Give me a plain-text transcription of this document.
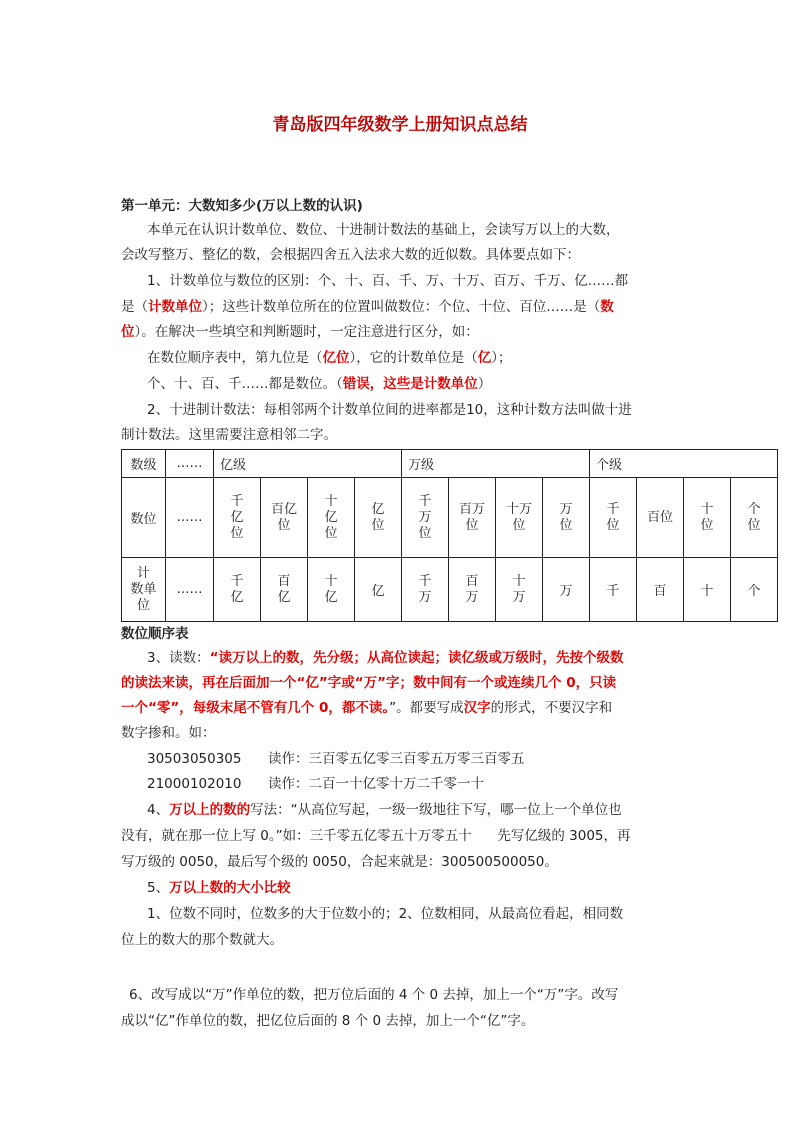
青岛版四年级数学上册知识点总结
第一单元：大数知多少(万以上数的认识)
本单元在认识计数单位、数位、十进制计数法的基础上，会读写万以上的大数，
会改写整万、整亿的数，会根据四舍五入法求大数的近似数。具体要点如下：
1、计数单位与数位的区别：个、十、百、千、万、十万、百万、千万、亿……都
是（计数单位）；这些计数单位所在的位置叫做数位：个位、十位、百位……是（数
位）。在解决一些填空和判断题时，一定注意进行区分，如：
在数位顺序表中，第九位是（亿位），它的计数单位是（亿）；
个、十、百、千……都是数位。（错误，这些是计数单位）
2、十进制计数法：每相邻两个计数单位间的进率都是10，这种计数方法叫做十进
制计数法。这里需要注意相邻二字。
数级	……	亿级				万级				个级			
数位	……	千亿位	百亿位	十亿位	亿位	千万位	百万位	十万位	万位	千位	百位	十位	个位
计 数单位	……	千亿	百亿	十亿	亿	千万	百万	十万	万	千	百	十	个
数位顺序表
3、读数：“读万以上的数，先分级；从高位读起；读亿级或万级时，先按个级数
的读法来读，再在后面加一个“亿”字或“万”字；数中间有一个或连续几个 0，只读
一个“零”，每级末尾不管有几个 0，都不读。”。都要写成汉字的形式，不要汉字和
数字掺和。如：
30503050305 读作：三百零五亿零三百零五万零三百零五
21000102010 读作：二百一十亿零十万二千零一十
4、万以上的数的写法：“从高位写起，一级一级地往下写，哪一位上一个单位也
没有，就在那一位上写 0。”如：三千零五亿零五十万零五十      先写亿级的 3005，再
写万级的 0050，最后写个级的 0050，合起来就是：300500500050。
5、万以上数的大小比较
1、位数不同时，位数多的大于位数小的；2、位数相同，从最高位看起，相同数
位上的数大的那个数就大。
6、改写成以“万”作单位的数，把万位后面的 4 个 0 去掉，加上一个“万”字。改写
成以“亿”作单位的数，把亿位后面的 8 个 0 去掉，加上一个“亿”字。
